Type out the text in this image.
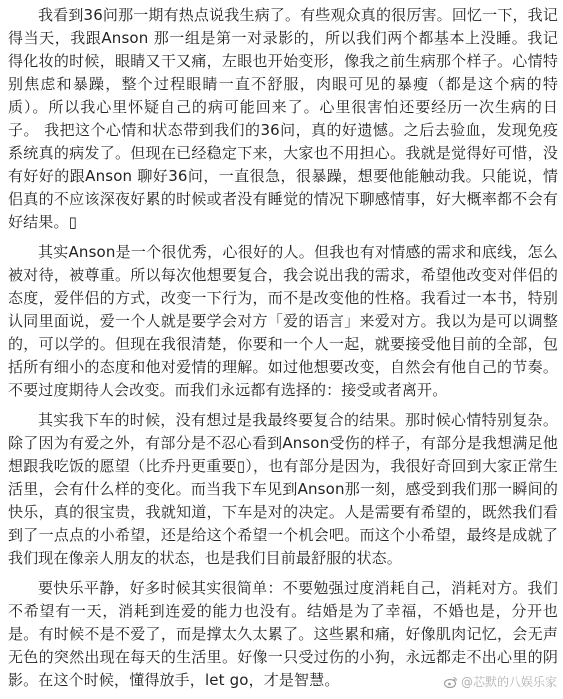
我看到36问那一期有热点说我生病了。有些观众真的很厉害。回忆一下，我记得当天，我跟Anson 那一组是第一对录影的，所以我们两个都基本上没睡。我记得化妆的时候，眼睛又干又痛，左眼也开始变形，像我之前生病那个样子。心情特别焦虑和暴躁，整个过程眼睛一直不舒服，肉眼可见的暴瘦（都是这个病的特质）。所以我心里怀疑自己的病可能回来了。心里很害怕还要经历一次生病的日子。 我把这个心情和状态带到我们的36问，真的好遗憾。之后去验血，发现免疫系统真的病发了。但现在已经稳定下来，大家也不用担心。我就是觉得好可惜，没有好好的跟Anson 聊好36问，一直很急，很暴躁，想要他能触动我。只能说，情侣真的不应该深夜好累的时候或者没有睡觉的情况下聊感情事，好大概率都不会有好结果。▯

其实Anson是一个很优秀，心很好的人。但我也有对情感的需求和底线，怎么被对待，被尊重。所以每次他想要复合，我会说出我的需求，希望他改变对伴侣的态度，爱伴侣的方式，改变一下行为，而不是改变他的性格。我看过一本书，特别认同里面说，爱一个人就是要学会对方「爱的语言」来爱对方。我以为是可以调整的，可以学的。但现在我很清楚，你要和一个人一起，就要接受他目前的全部，包括所有细小的态度和他对爱情的理解。如过他想要改变，自然会有他自己的节奏。不要过度期待人会改变。而我们永远都有选择的：接受或者离开。

其实我下车的时候，没有想过是我最终要复合的结果。那时候心情特别复杂。除了因为有爱之外，有部分是不忍心看到Anson受伤的样子，有部分是我想满足他想跟我吃饭的愿望（比乔丹更重要▯），也有部分是因为，我很好奇回到大家正常生活里，会有什么样的变化。而当我下车见到Anson那一刻，感受到我们那一瞬间的快乐，真的很宝贵，我就知道，下车是对的决定。人是需要有希望的，既然我们看到了一点点的小希望，还是给这个希望一个机会吧。而这个小希望，最终是成就了我们现在像亲人朋友的状态，也是我们目前最舒服的状态。

要快乐平静，好多时候其实很简单：不要勉强过度消耗自己，消耗对方。我们不希望有一天，消耗到连爱的能力也没有。结婚是为了幸福，不婚也是，分开也是。有时候不是不爱了，而是撑太久太累了。这些累和痛，好像肌肉记忆，会无声无色的突然出现在每天的生活里。好像一只受过伤的小狗，永远都走不出心里的阴影。在这个时候，懂得放手，let go，才是智慧。	@芯默的八娱乐家
